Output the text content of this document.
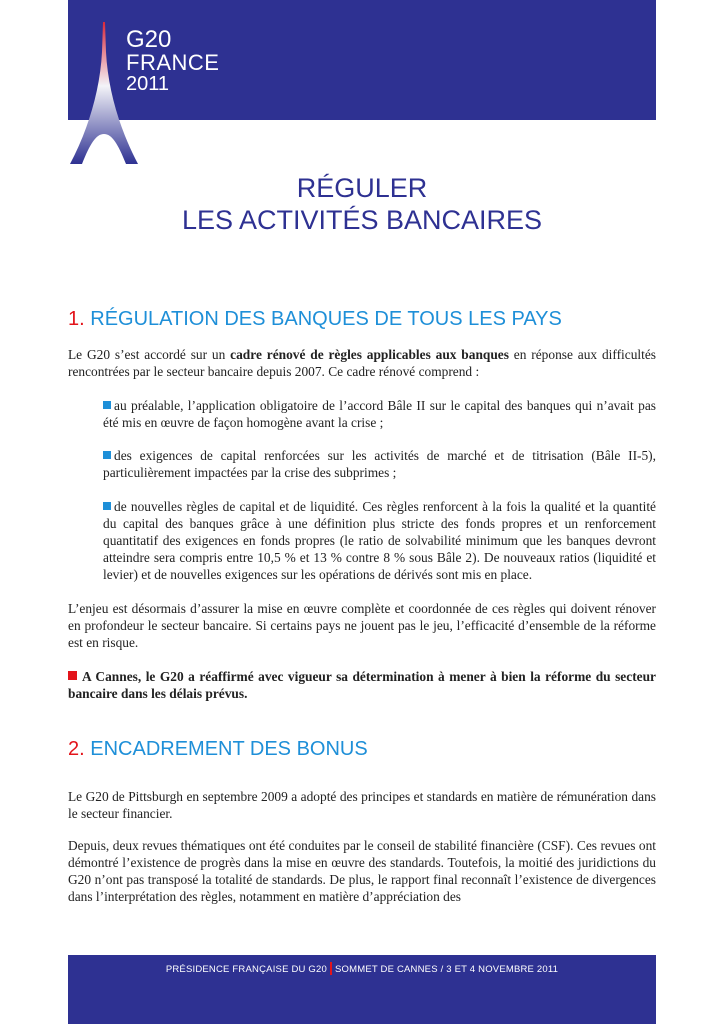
G20
FRANCE
2011
RÉGULER
LES ACTIVITÉS BANCAIRES
1. RÉGULATION DES BANQUES DE TOUS LES PAYS

Le G20 s’est accordé sur un cadre rénové de règles applicables aux banques en réponse aux difficultés rencontrées par le secteur bancaire depuis 2007. Ce cadre rénové comprend :

au préalable, l’application obligatoire de l’accord Bâle II sur le capital des banques qui n’avait pas été mis en œuvre de façon homogène avant la crise ;

des exigences de capital renforcées sur les activités de marché et de titrisation (Bâle II-5), particulièrement impactées par la crise des subprimes ;

de nouvelles règles de capital et de liquidité. Ces règles renforcent à la fois la qualité et la quantité du capital des banques grâce à une définition plus stricte des fonds propres et un renforcement quantitatif des exigences en fonds propres (le ratio de solvabilité minimum que les banques devront atteindre sera compris entre 10,5 % et 13 % contre 8 % sous Bâle 2). De nouveaux ratios (liquidité et levier) et de nouvelles exigences sur les opérations de dérivés sont mis en place.

L’enjeu est désormais d’assurer la mise en œuvre complète et coordonnée de ces règles qui doivent rénover en profondeur le secteur bancaire. Si certains pays ne jouent pas le jeu, l’efficacité d’ensemble de la réforme est en risque.

A Cannes, le G20 a réaffirmé avec vigueur sa détermination à mener à bien la réforme du secteur bancaire dans les délais prévus.

2. ENCADREMENT DES BONUS

Le G20 de Pittsburgh en septembre 2009 a adopté des principes et standards en matière de rémunération dans le secteur financier.

Depuis, deux revues thématiques ont été conduites par le conseil de stabilité financière (CSF). Ces revues ont démontré l’existence de progrès dans la mise en œuvre des standards. Toutefois, la moitié des juridictions du G20 n’ont pas transposé la totalité de standards. De plus, le rapport final reconnaît l’existence de divergences dans l’interprétation des règles, notamment en matière d’appréciation des

PRÉSIDENCE FRANÇAISE DU G20 SOMMET DE CANNES / 3 ET 4 NOVEMBRE 2011
